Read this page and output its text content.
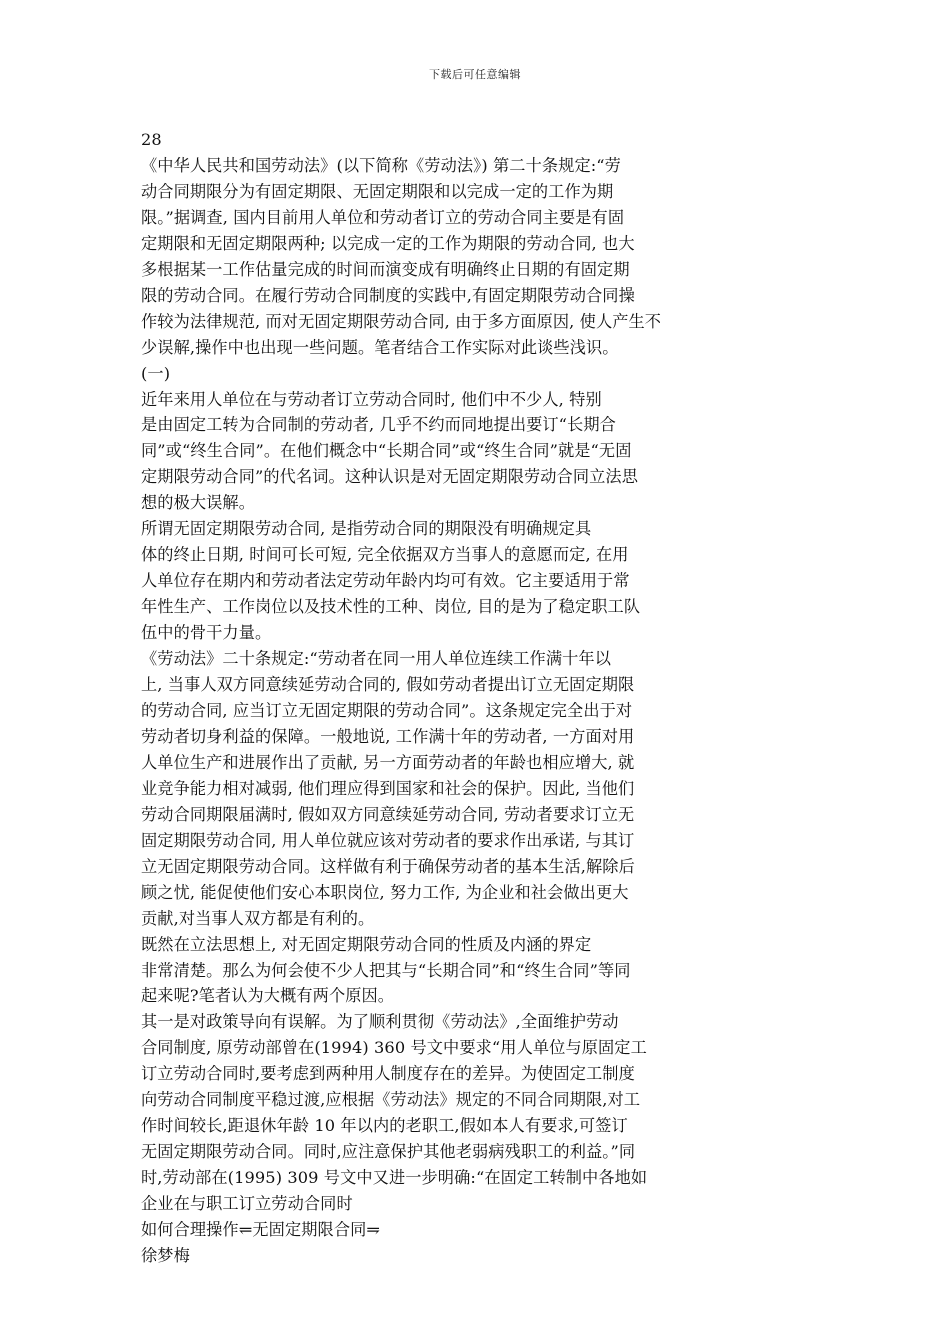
下载后可任意编辑
28
《中华人民共和国劳动法》(以下简称《劳动法》) 第二十条规定:“劳
动合同期限分为有固定期限、无固定期限和以完成一定的工作为期
限。”据调查, 国内目前用人单位和劳动者订立的劳动合同主要是有固
定期限和无固定期限两种; 以完成一定的工作为期限的劳动合同, 也大
多根据某一工作估量完成的时间而演变成有明确终止日期的有固定期
限的劳动合同。在履行劳动合同制度的实践中,有固定期限劳动合同操
作较为法律规范, 而对无固定期限劳动合同, 由于多方面原因, 使人产生不
少误解,操作中也出现一些问题。笔者结合工作实际对此谈些浅识。
(一)
近年来用人单位在与劳动者订立劳动合同时, 他们中不少人, 特别
是由固定工转为合同制的劳动者, 几乎不约而同地提出要订“长期合
同”或“终生合同”。在他们概念中“长期合同”或“终生合同”就是“无固
定期限劳动合同”的代名词。这种认识是对无固定期限劳动合同立法思
想的极大误解。
所谓无固定期限劳动合同, 是指劳动合同的期限没有明确规定具
体的终止日期, 时间可长可短, 完全依据双方当事人的意愿而定, 在用
人单位存在期内和劳动者法定劳动年龄内均可有效。它主要适用于常
年性生产、工作岗位以及技术性的工种、岗位, 目的是为了稳定职工队
伍中的骨干力量。
《劳动法》二十条规定:“劳动者在同一用人单位连续工作满十年以
上, 当事人双方同意续延劳动合同的, 假如劳动者提出订立无固定期限
的劳动合同, 应当订立无固定期限的劳动合同”。这条规定完全出于对
劳动者切身利益的保障。一般地说, 工作满十年的劳动者, 一方面对用
人单位生产和进展作出了贡献, 另一方面劳动者的年龄也相应增大, 就
业竞争能力相对减弱, 他们理应得到国家和社会的保护。因此, 当他们
劳动合同期限届满时, 假如双方同意续延劳动合同, 劳动者要求订立无
固定期限劳动合同, 用人单位就应该对劳动者的要求作出承诺, 与其订
立无固定期限劳动合同。这样做有利于确保劳动者的基本生活,解除后
顾之忧, 能促使他们安心本职岗位, 努力工作, 为企业和社会做出更大
贡献,对当事人双方都是有利的。
既然在立法思想上, 对无固定期限劳动合同的性质及内涵的界定
非常清楚。那么为何会使不少人把其与“长期合同”和“终生合同”等同
起来呢?笔者认为大概有两个原因。
其一是对政策导向有误解。为了顺利贯彻《劳动法》,全面维护劳动
合同制度, 原劳动部曾在(1994) 360 号文中要求“用人单位与原固定工
订立劳动合同时,要考虑到两种用人制度存在的差异。为使固定工制度
向劳动合同制度平稳过渡,应根据《劳动法》规定的不同合同期限,对工
作时间较长,距退休年龄 10 年以内的老职工,假如本人有要求,可签订
无固定期限劳动合同。同时,应注意保护其他老弱病残职工的利益。”同
时,劳动部在(1995) 309 号文中又进一步明确:“在固定工转制中各地如
企业在与职工订立劳动合同时
如何合理操作⥫无固定期限合同⥭
徐梦梅
